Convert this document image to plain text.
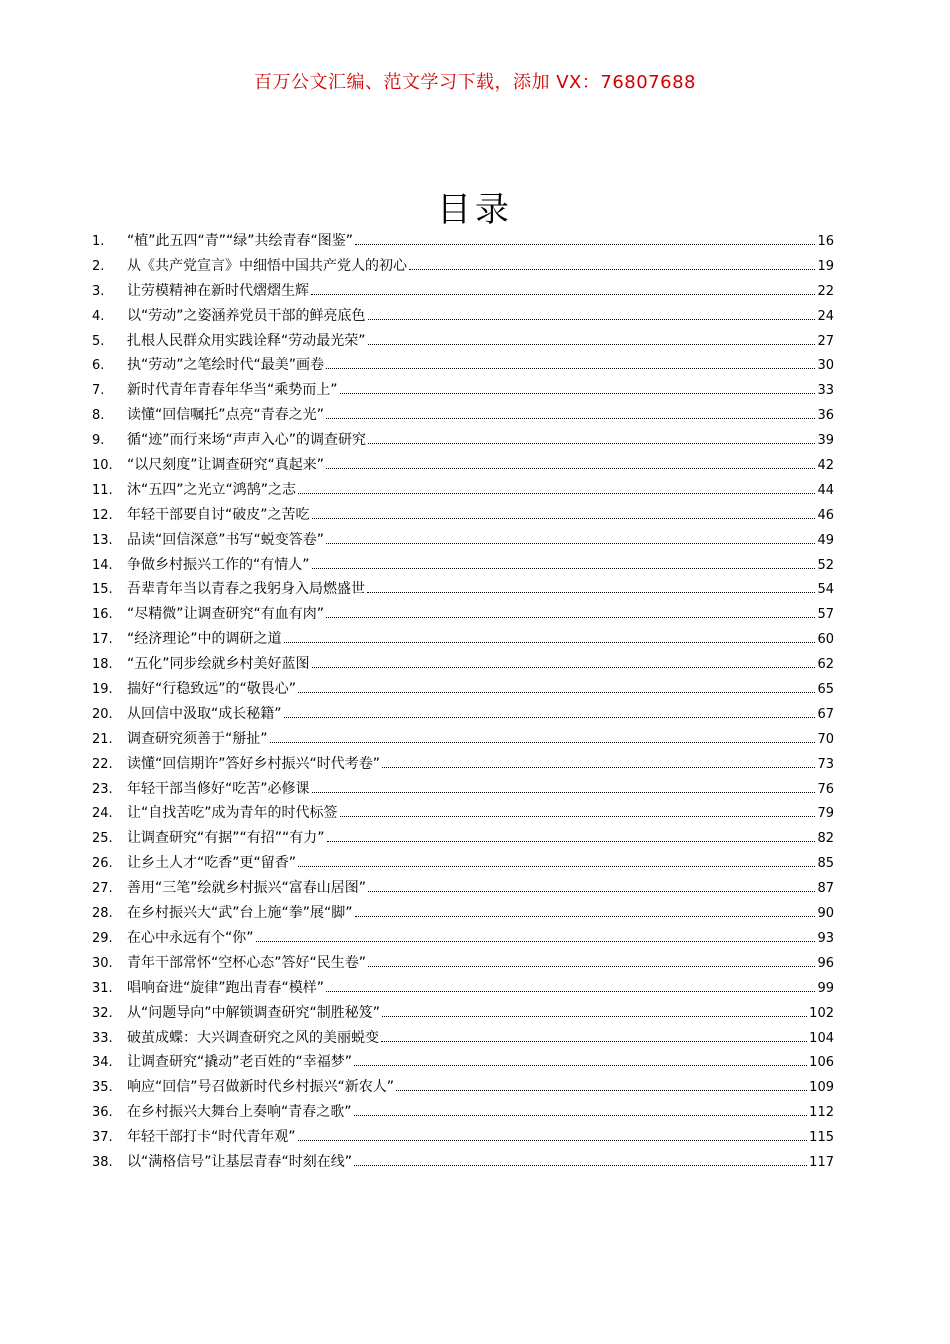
百万公文汇编、范文学习下载，添加 VX：76807688
目录
1.	“植”此五四“青”“绿”共绘青春“图鉴”	16
2.	从《共产党宣言》中细悟中国共产党人的初心	19
3.	让劳模精神在新时代熠熠生辉	22
4.	以“劳动”之姿涵养党员干部的鲜亮底色	24
5.	扎根人民群众用实践诠释“劳动最光荣”	27
6.	执“劳动”之笔绘时代“最美”画卷	30
7.	新时代青年青春年华当“乘势而上”	33
8.	读懂“回信嘱托”点亮“青春之光”	36
9.	循“迹”而行来场“声声入心”的调查研究	39
10.	“以尺刻度”让调查研究“真起来”	42
11.	沐“五四”之光立“鸿鹄”之志	44
12.	年轻干部要自讨“破皮”之苦吃	46
13.	品读“回信深意”书写“蜕变答卷”	49
14.	争做乡村振兴工作的“有情人”	52
15.	吾辈青年当以青春之我躬身入局燃盛世	54
16.	“尽精微”让调查研究“有血有肉”	57
17.	“经济理论”中的调研之道	60
18.	“五化”同步绘就乡村美好蓝图	62
19.	揣好“行稳致远”的“敬畏心”	65
20.	从回信中汲取“成长秘籍”	67
21.	调查研究须善于“掰扯”	70
22.	读懂“回信期许”答好乡村振兴“时代考卷”	73
23.	年轻干部当修好“吃苦”必修课	76
24.	让“自找苦吃”成为青年的时代标签	79
25.	让调查研究“有据”“有招”“有力”	82
26.	让乡土人才“吃香”更“留香”	85
27.	善用“三笔”绘就乡村振兴“富春山居图”	87
28.	在乡村振兴大“武”台上施“拳”展“脚”	90
29.	在心中永远有个“你”	93
30.	青年干部常怀“空杯心态”答好“民生卷”	96
31.	唱响奋进“旋律”跑出青春“模样”	99
32.	从“问题导向”中解锁调查研究“制胜秘笈”	102
33.	破茧成蝶：大兴调查研究之风的美丽蜕变	104
34.	让调查研究“撬动”老百姓的“幸福梦”	106
35.	响应“回信”号召做新时代乡村振兴“新农人”	109
36.	在乡村振兴大舞台上奏响“青春之歌”	112
37.	年轻干部打卡“时代青年观”	115
38.	以“满格信号”让基层青春“时刻在线”	117
